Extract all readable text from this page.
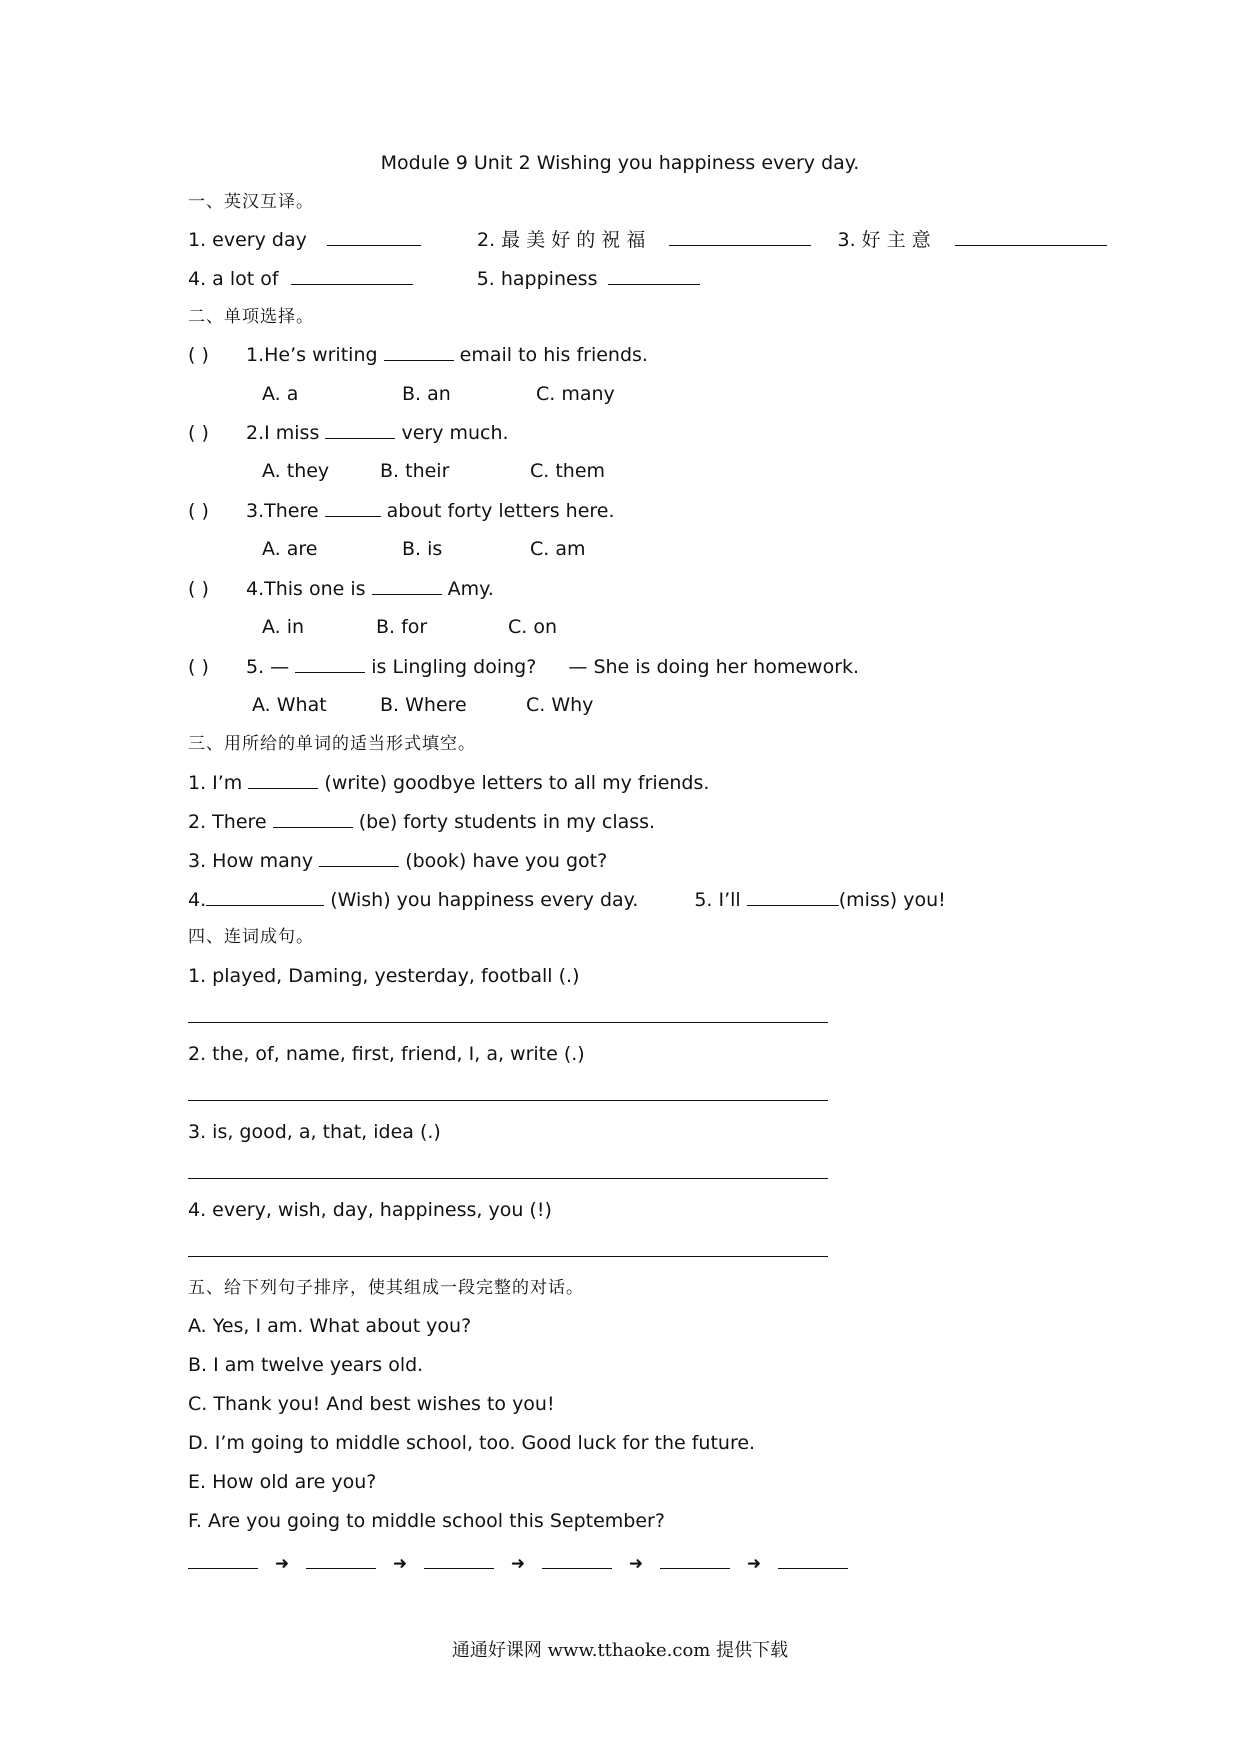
Module 9 Unit 2 Wishing you happiness every day.
一、英汉互译。
1. every day	2. 最 美 好 的 祝 福	3. 好 主 意
4. a lot of	5. happiness
二、单项选择。
( ) 1.He’s writing	email to his friends.
A. a	B. an	C. many
( ) 2.I miss	very much.
A. they	B. their	C. them
( ) 3.There	about forty letters here.
A. are	B. is	C. am
( ) 4.This one is	Amy.
A. in	B. for	C. on
( ) 5. —	is Lingling doing? — She is doing her homework.
A. What	B. Where	C. Why
三、用所给的单词的适当形式填空。
1. I’m	(write) goodbye letters to all my friends.
2. There	(be) forty students in my class.
3. How many	(book) have you got?
4.	(Wish) you happiness every day.	5. I’ll	(miss) you!
四、连词成句。
1. played, Daming, yesterday, football (.)
2. the, of, name, first, friend, I, a, write (.)
3. is, good, a, that, idea (.)
4. every, wish, day, happiness, you (!)
五、给下列句子排序，使其组成一段完整的对话。
A. Yes, I am. What about you?
B. I am twelve years old.
C. Thank you! And best wishes to you!
D. I’m going to middle school, too. Good luck for the future.
E. How old are you?
F. Are you going to middle school this September?
➜	➜	➜	➜	➜
通通好课网 www.tthaoke.com 提供下载
